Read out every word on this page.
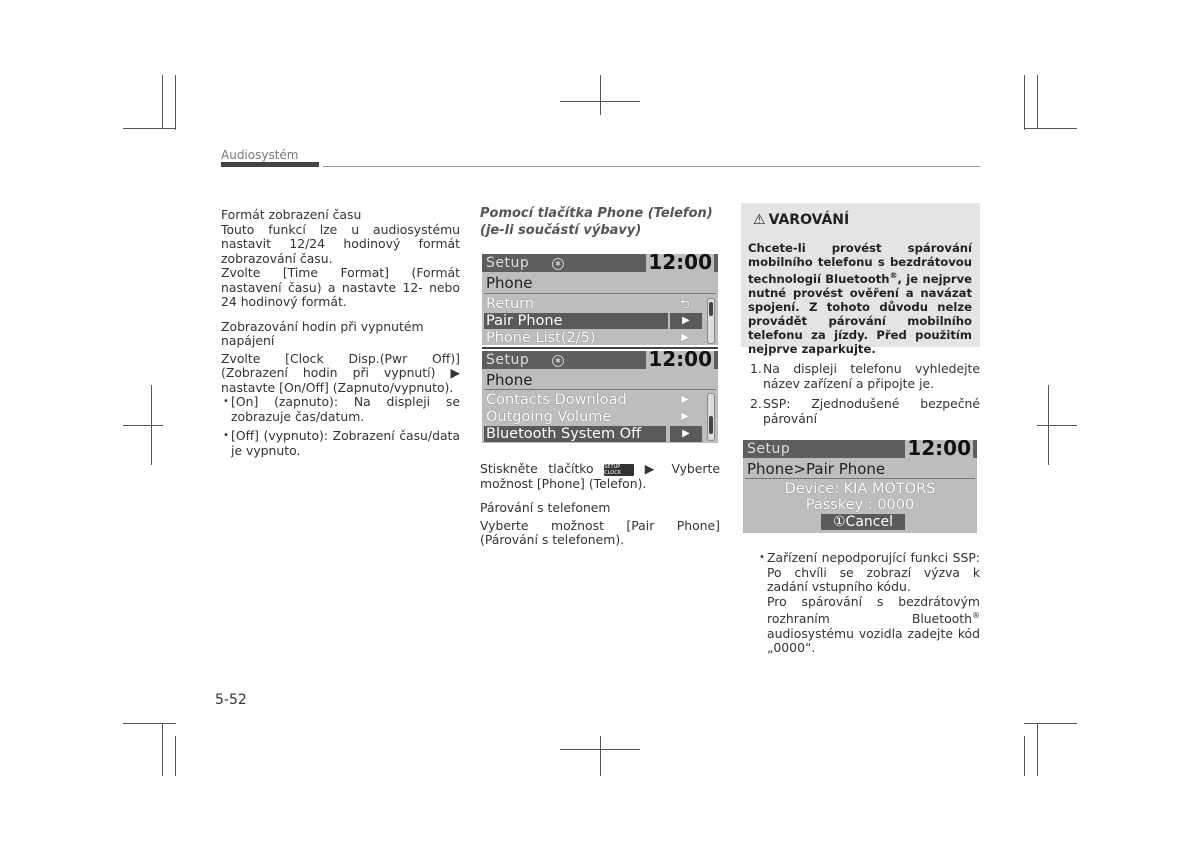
Audiosystém

Formát zobrazení času

Touto funkcí lze u audiosystému nastavit 12/24 hodinový formát zobrazování času.

Zvolte [Time Format] (Formát nastavení času) a nastavte 12- nebo 24 hodinový formát.

Zobrazování hodin při vypnutém napájení

Zvolte [Clock Disp.(Pwr Off)] (Zobrazení hodin při vypnutí) ▶ nastavte [On/Off] (Zapnuto/vypnuto).

• [On] (zapnuto): Na displeji se zobrazuje čas/datum.

• [Off] (vypnuto): Zobrazení času/data je vypnuto.

Pomocí tlačítka Phone (Telefon) (je-li součástí výbavy)
Setup	✱	12:00
Phone
Return	⮌
Pair Phone	▶
Phone List(2/5)	▶
Setup	✱	12:00
Phone
Contacts Download	▶
Outgoing Volume	▶
Bluetooth System Off	▶

Stiskněte tlačítko SETUP
CLOCK ▶ Vyberte možnost [Phone] (Telefon).

Párování s telefonem

Vyberte možnost [Pair Phone] (Párování s telefonem).

⚠ VAROVÁNÍ
Chcete-li provést spárování mobilního telefonu s bezdrátovou technologií Bluetooth®, je nejprve nutné provést ověření a navázat spojení. Z tohoto důvodu nelze provádět párování mobilního telefonu za jízdy. Před použitím nejprve zaparkujte.
1. Na displeji telefonu vyhledejte název zařízení a připojte je.
2. SSP: Zjednodušené bezpečné párování
Setup	12:00
Phone>Pair Phone
Device: KIA MOTORS
Passkey : 0000
①Cancel

• Zařízení nepodporující funkci SSP: Po chvíli se zobrazí výzva k zadání vstupního kódu.

Pro spárování s bezdrátovým rozhraním Bluetooth® audiosystému vozidla zadejte kód „0000“.

5-52
